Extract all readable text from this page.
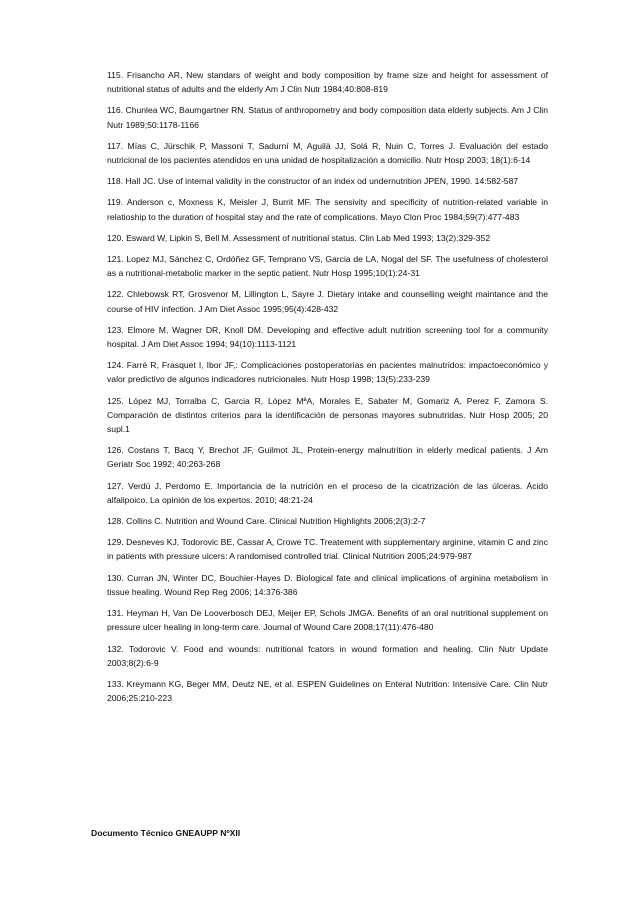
115. Frisancho AR, New standars of weight and body composition by frame size and height for assessment of nutritional status of adults and the elderly Am J Clin Nutr 1984;40:808-819

116. Chunlea WC, Baumgartner RN. Status of anthropometry and body composition data elderly subjects. Am J Clin Nutr 1989;50:1178-1166

117. Mías C, Jürschik P, Massoni T, Sadurní M, Aguilà JJ, Solá R, Nuin C, Torres J. Evaluación del estado nutricional de los pacientes atendidos en una unidad de hospitalización a domicilio. Nutr Hosp 2003; 18(1):6-14

118. Hall JC. Use of internal validity in the constructor of an index od undernutrition JPEN, 1990. 14:582-587

119. Anderson c, Moxness K, Meisler J, Burrit MF. The sensivity and specificity of nutrition-related variable in relatioship to the duration of hospital stay and the rate of complications. Mayo Clon Proc 1984;59(7):477-483

120. Esward W, Lipkin S, Bell M. Assessment of nutritional status. Clin Lab Med 1993; 13(2):329-352

121. Lopez MJ, Sánchez C, Ordóñez GF, Temprano VS, Garcia de LA, Nogal del SF. The usefulness of cholesterol as a nutritional-metabolic marker in the septic patient. Nutr Hosp 1995;10(1):24-31

122. Chlebowsk RT, Grosvenor M, Lillington L, Sayre J. Dietary intake and counselling weight maintance and the course of HIV infection. J Am Diet Assoc 1995;95(4):428-432

123. Elmore M, Wagner DR, Knoll DM. Developing and effective adult nutrition screening tool for a community hospital. J Am Diet Assoc 1994; 94(10):1113-1121

124. Farré R, Frasquet I, Ibor JF,: Complicaciones postoperatorias en pacientes malnutridos: impactoeconómico y valor predictivo de algunos indicadores nutricionales. Nutr Hosp 1998; 13(5):233-239

125. López MJ, Torralba C, Garcia R, López MªA, Morales E, Sabater M, Gomariz A, Perez F, Zamora S. Comparación de distintos criterios para la identificación de personas mayores subnutridas. Nutr Hosp 2005; 20 supl.1

126. Costans T, Bacq Y, Brechot JF, Guilmot JL, Protein-energy malnutrition in elderly medical patients. J Am Geriatr Soc 1992; 40:263-268

127. Verdú J, Perdomo E. Importancia de la nutrición en el proceso de la cicatrización de las úlceras. Ácido alfalipoico. La opinión de los expertos. 2010; 48:21-24

128. Collins C. Nutrition and Wound Care. Clinical Nutrition Highlights 2006;2(3):2-7

129. Desneves KJ, Todorovic BE, Cassar A, Crowe TC. Treatement with supplementary arginine, vitamin C and zinc in patients with pressure ulcers: A randomised controlled trial. Clinical Nutrition 2005;24:979-987

130. Curran JN, Winter DC, Bouchier-Hayes D. Biological fate and clinical implications of arginina metabolism in tissue healing. Wound Rep Reg 2006; 14:376-386

131. Heyman H, Van De Looverbosch DEJ, Meijer EP, Schols JMGA. Benefits of an oral nutritional supplement on pressure ulcer healing in long-term care. Journal of Wound Care 2008;17(11):476-480

132. Todorovic V. Food and wounds: nutritional fcators in wound formation and healing. Clin Nutr Update 2003;8(2):6-9

133. Kreymann KG, Beger MM, Deutz NE, et al. ESPEN Guidelines on Enteral Nutrition: Intensive Care. Clin Nutr 2006;25:210-223

Documento Técnico GNEAUPP NºXII
